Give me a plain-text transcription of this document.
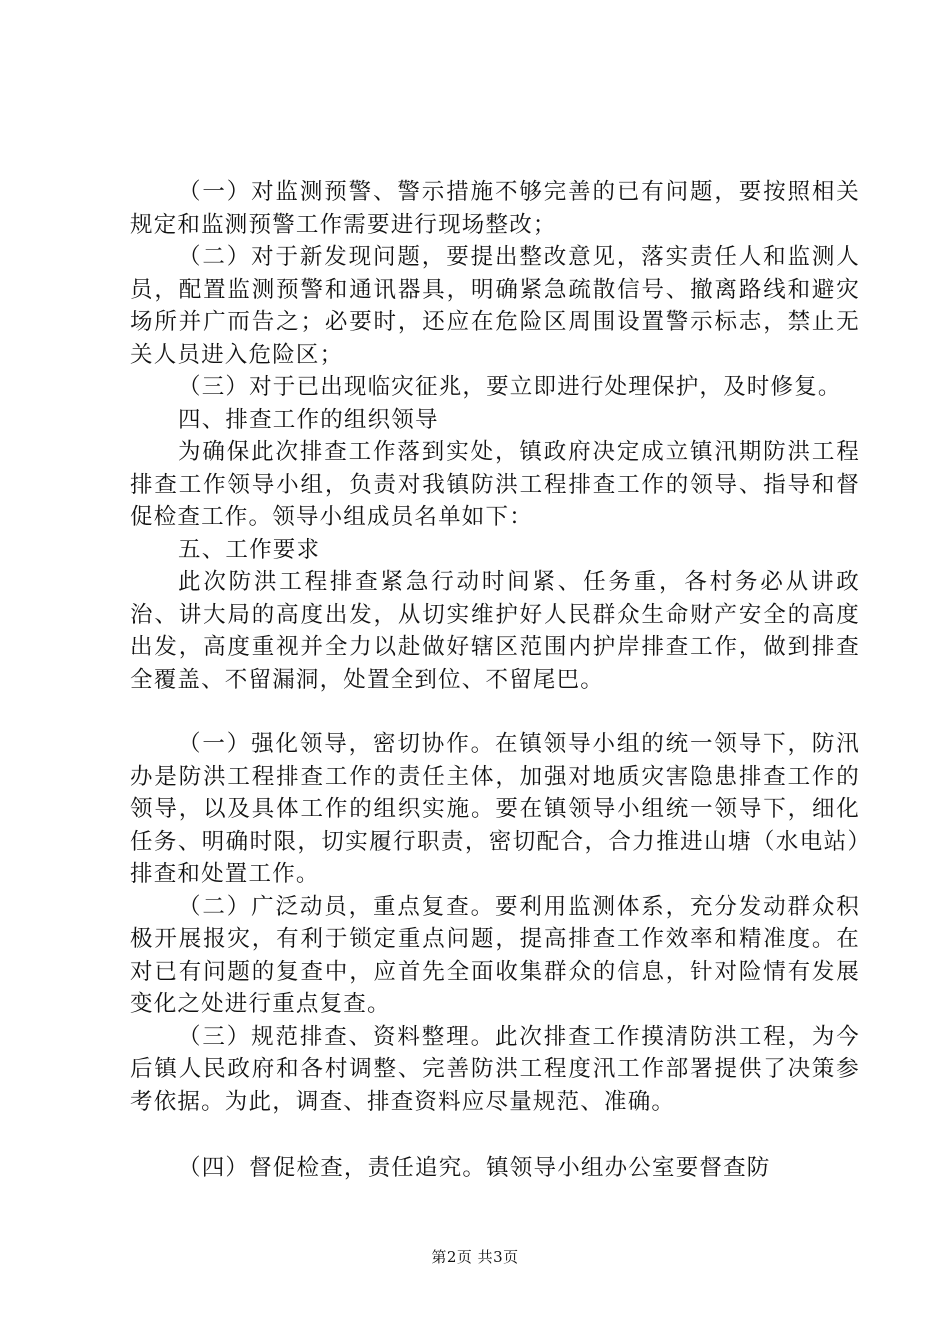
（一）对监测预警、警示措施不够完善的已有问题，要按照相关规定和监测预警工作需要进行现场整改；

（二）对于新发现问题，要提出整改意见，落实责任人和监测人员，配置监测预警和通讯器具，明确紧急疏散信号、撤离路线和避灾场所并广而告之；必要时，还应在危险区周围设置警示标志，禁止无关人员进入危险区；

（三）对于已出现临灾征兆，要立即进行处理保护，及时修复。

四、排查工作的组织领导

为确保此次排查工作落到实处，镇政府决定成立镇汛期防洪工程排查工作领导小组，负责对我镇防洪工程排查工作的领导、指导和督促检查工作。领导小组成员名单如下：

五、工作要求

此次防洪工程排查紧急行动时间紧、任务重，各村务必从讲政治、讲大局的高度出发，从切实维护好人民群众生命财产安全的高度出发，高度重视并全力以赴做好辖区范围内护岸排查工作，做到排查全覆盖、不留漏洞，处置全到位、不留尾巴。

（一）强化领导，密切协作。在镇领导小组的统一领导下，防汛办是防洪工程排查工作的责任主体，加强对地质灾害隐患排查工作的领导，以及具体工作的组织实施。要在镇领导小组统一领导下，细化任务、明确时限，切实履行职责，密切配合，合力推进山塘（水电站）排查和处置工作。

（二）广泛动员，重点复查。要利用监测体系，充分发动群众积极开展报灾，有利于锁定重点问题，提高排查工作效率和精准度。在对已有问题的复查中，应首先全面收集群众的信息，针对险情有发展变化之处进行重点复查。

（三）规范排查、资料整理。此次排查工作摸清防洪工程，为今后镇人民政府和各村调整、完善防洪工程度汛工作部署提供了决策参考依据。为此，调查、排查资料应尽量规范、准确。

（四）督促检查，责任追究。镇领导小组办公室要督查防

第2页 共3页
